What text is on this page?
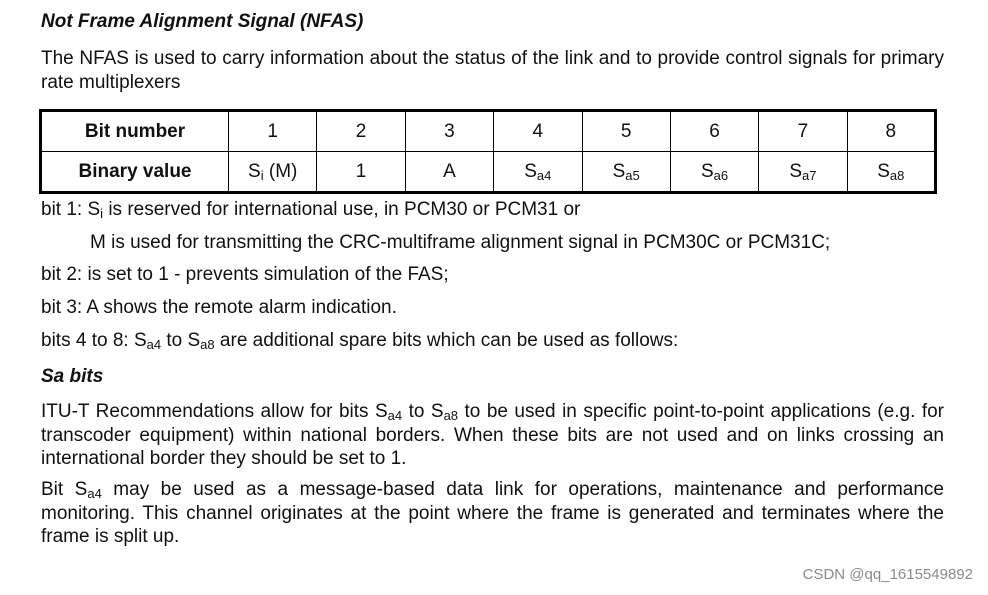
Not Frame Alignment Signal (NFAS)
The NFAS is used to carry information about the status of the link and to provide control signals for primary rate multiplexers
Bit number	1	2	3	4	5	6	7	8
Binary value	$S_i$ (M)	1	A	$S_{a4}$	$S_{a5}$	$S_{a6}$	$S_{a7}$	$S_{a8}$
bit 1: $S_i$ is reserved for international use, in PCM30 or PCM31 or
M is used for transmitting the CRC-multiframe alignment signal in PCM30C or PCM31C;
bit 2: is set to 1 - prevents simulation of the FAS;
bit 3: A shows the remote alarm indication.
bits 4 to 8: $S_{a4}$ to $S_{a8}$ are additional spare bits which can be used as follows:
Sa bits
ITU-T Recommendations allow for bits $S_{a4}$ to $S_{a8}$ to be used in specific point-to-point applications (e.g. for transcoder equipment) within national borders. When these bits are not used and on links crossing an international border they should be set to 1.
Bit $S_{a4}$ may be used as a message-based data link for operations, maintenance and performance monitoring. This channel originates at the point where the frame is generated and terminates where the frame is split up.
CSDN @qq_1615549892
